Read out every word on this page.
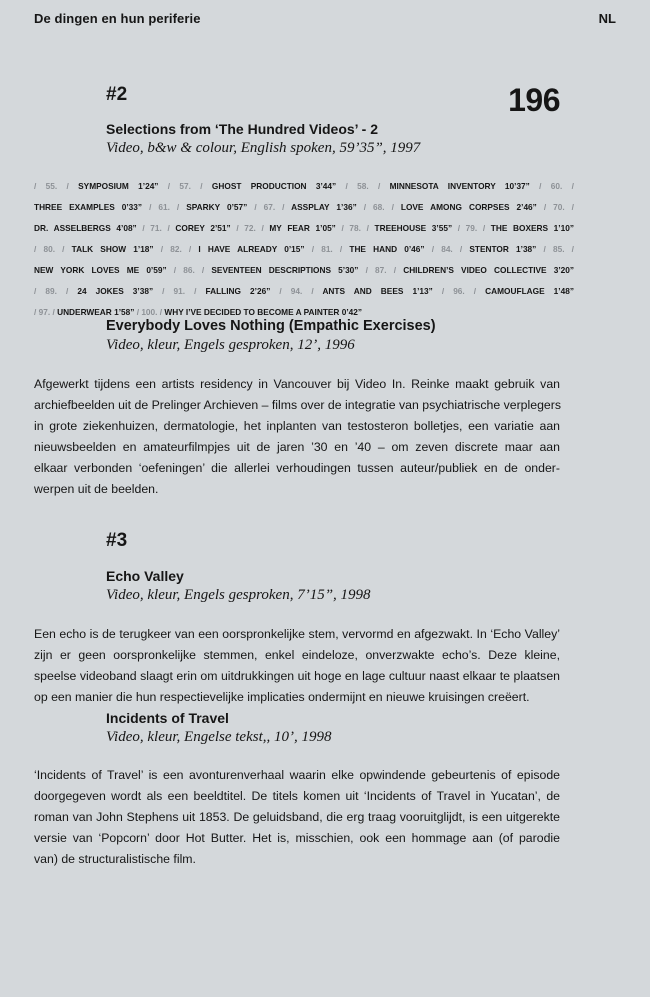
De dingen en hun periferie	NL
#2	196
Selections from ‘The Hundred Videos’ - 2
Video, b&w & colour, English spoken, 59’35”, 1997
/ 55. / SYMPOSIUM 1’24” / 57. / GHOST PRODUCTION 3’44” / 58. / MINNESOTA INVENTORY 10’37” / 60. /
THREE EXAMPLES 0’33” / 61. / SPARKY 0’57” / 67. / ASSPLAY 1’36” / 68. / LOVE AMONG CORPSES 2’46” / 70. /
DR. ASSELBERGS 4’08” / 71. / COREY 2’51” / 72. / MY FEAR 1’05” / 78. / TREEHOUSE 3’55” / 79. / THE BOXERS 1’10”
/ 80. / TALK SHOW 1’18” / 82. / I HAVE ALREADY 0’15” / 81. / THE HAND 0’46” / 84. / STENTOR 1’38” / 85. /
NEW YORK LOVES ME 0’59” / 86. / SEVENTEEN DESCRIPTIONS 5’30” / 87. / CHILDREN’S VIDEO COLLECTIVE 3’20”
/ 89. / 24 JOKES 3’38” / 91. / FALLING 2’26” / 94. / ANTS AND BEES 1’13” / 96. / CAMOUFLAGE 1’48”
/ 97. / UNDERWEAR 1’58” / 100. / WHY I’VE DECIDED TO BECOME A PAINTER 0’42”
Everybody Loves Nothing (Empathic Exercises)
Video, kleur, Engels gesproken, 12’, 1996
Afgewerkt tijdens een artists residency in Vancouver bij Video In. Reinke maakt gebruik van
archiefbeelden uit de Prelinger Archieven – films over de integratie van psychiatrische verplegers
in grote ziekenhuizen, dermatologie, het inplanten van testosteron bolletjes, een variatie aan
nieuwsbeelden en amateurfilmpjes uit de jaren ’30 en ’40 – om zeven discrete maar aan
elkaar verbonden ‘oefeningen’ die allerlei verhoudingen tussen auteur/publiek en de onder-
werpen uit de beelden.
#3
Echo Valley
Video, kleur, Engels gesproken, 7’15”, 1998
Een echo is de terugkeer van een oorspronkelijke stem, vervormd en afgezwakt. In ‘Echo Valley’
zijn er geen oorspronkelijke stemmen, enkel eindeloze, onverzwakte echo’s. Deze kleine,
speelse videoband slaagt erin om uitdrukkingen uit hoge en lage cultuur naast elkaar te plaatsen
op een manier die hun respectievelijke implicaties ondermijnt en nieuwe kruisingen creëert.
Incidents of Travel
Video, kleur, Engelse tekst,, 10’, 1998
‘Incidents of Travel’ is een avonturenverhaal waarin elke opwindende gebeurtenis of episode
doorgegeven wordt als een beeldtitel. De titels komen uit ‘Incidents of Travel in Yucatan’, de
roman van John Stephens uit 1853. De geluidsband, die erg traag vooruitglijdt, is een uitgerekte
versie van ‘Popcorn’ door Hot Butter. Het is, misschien, ook een hommage aan (of parodie
van) de structuralistische film.
